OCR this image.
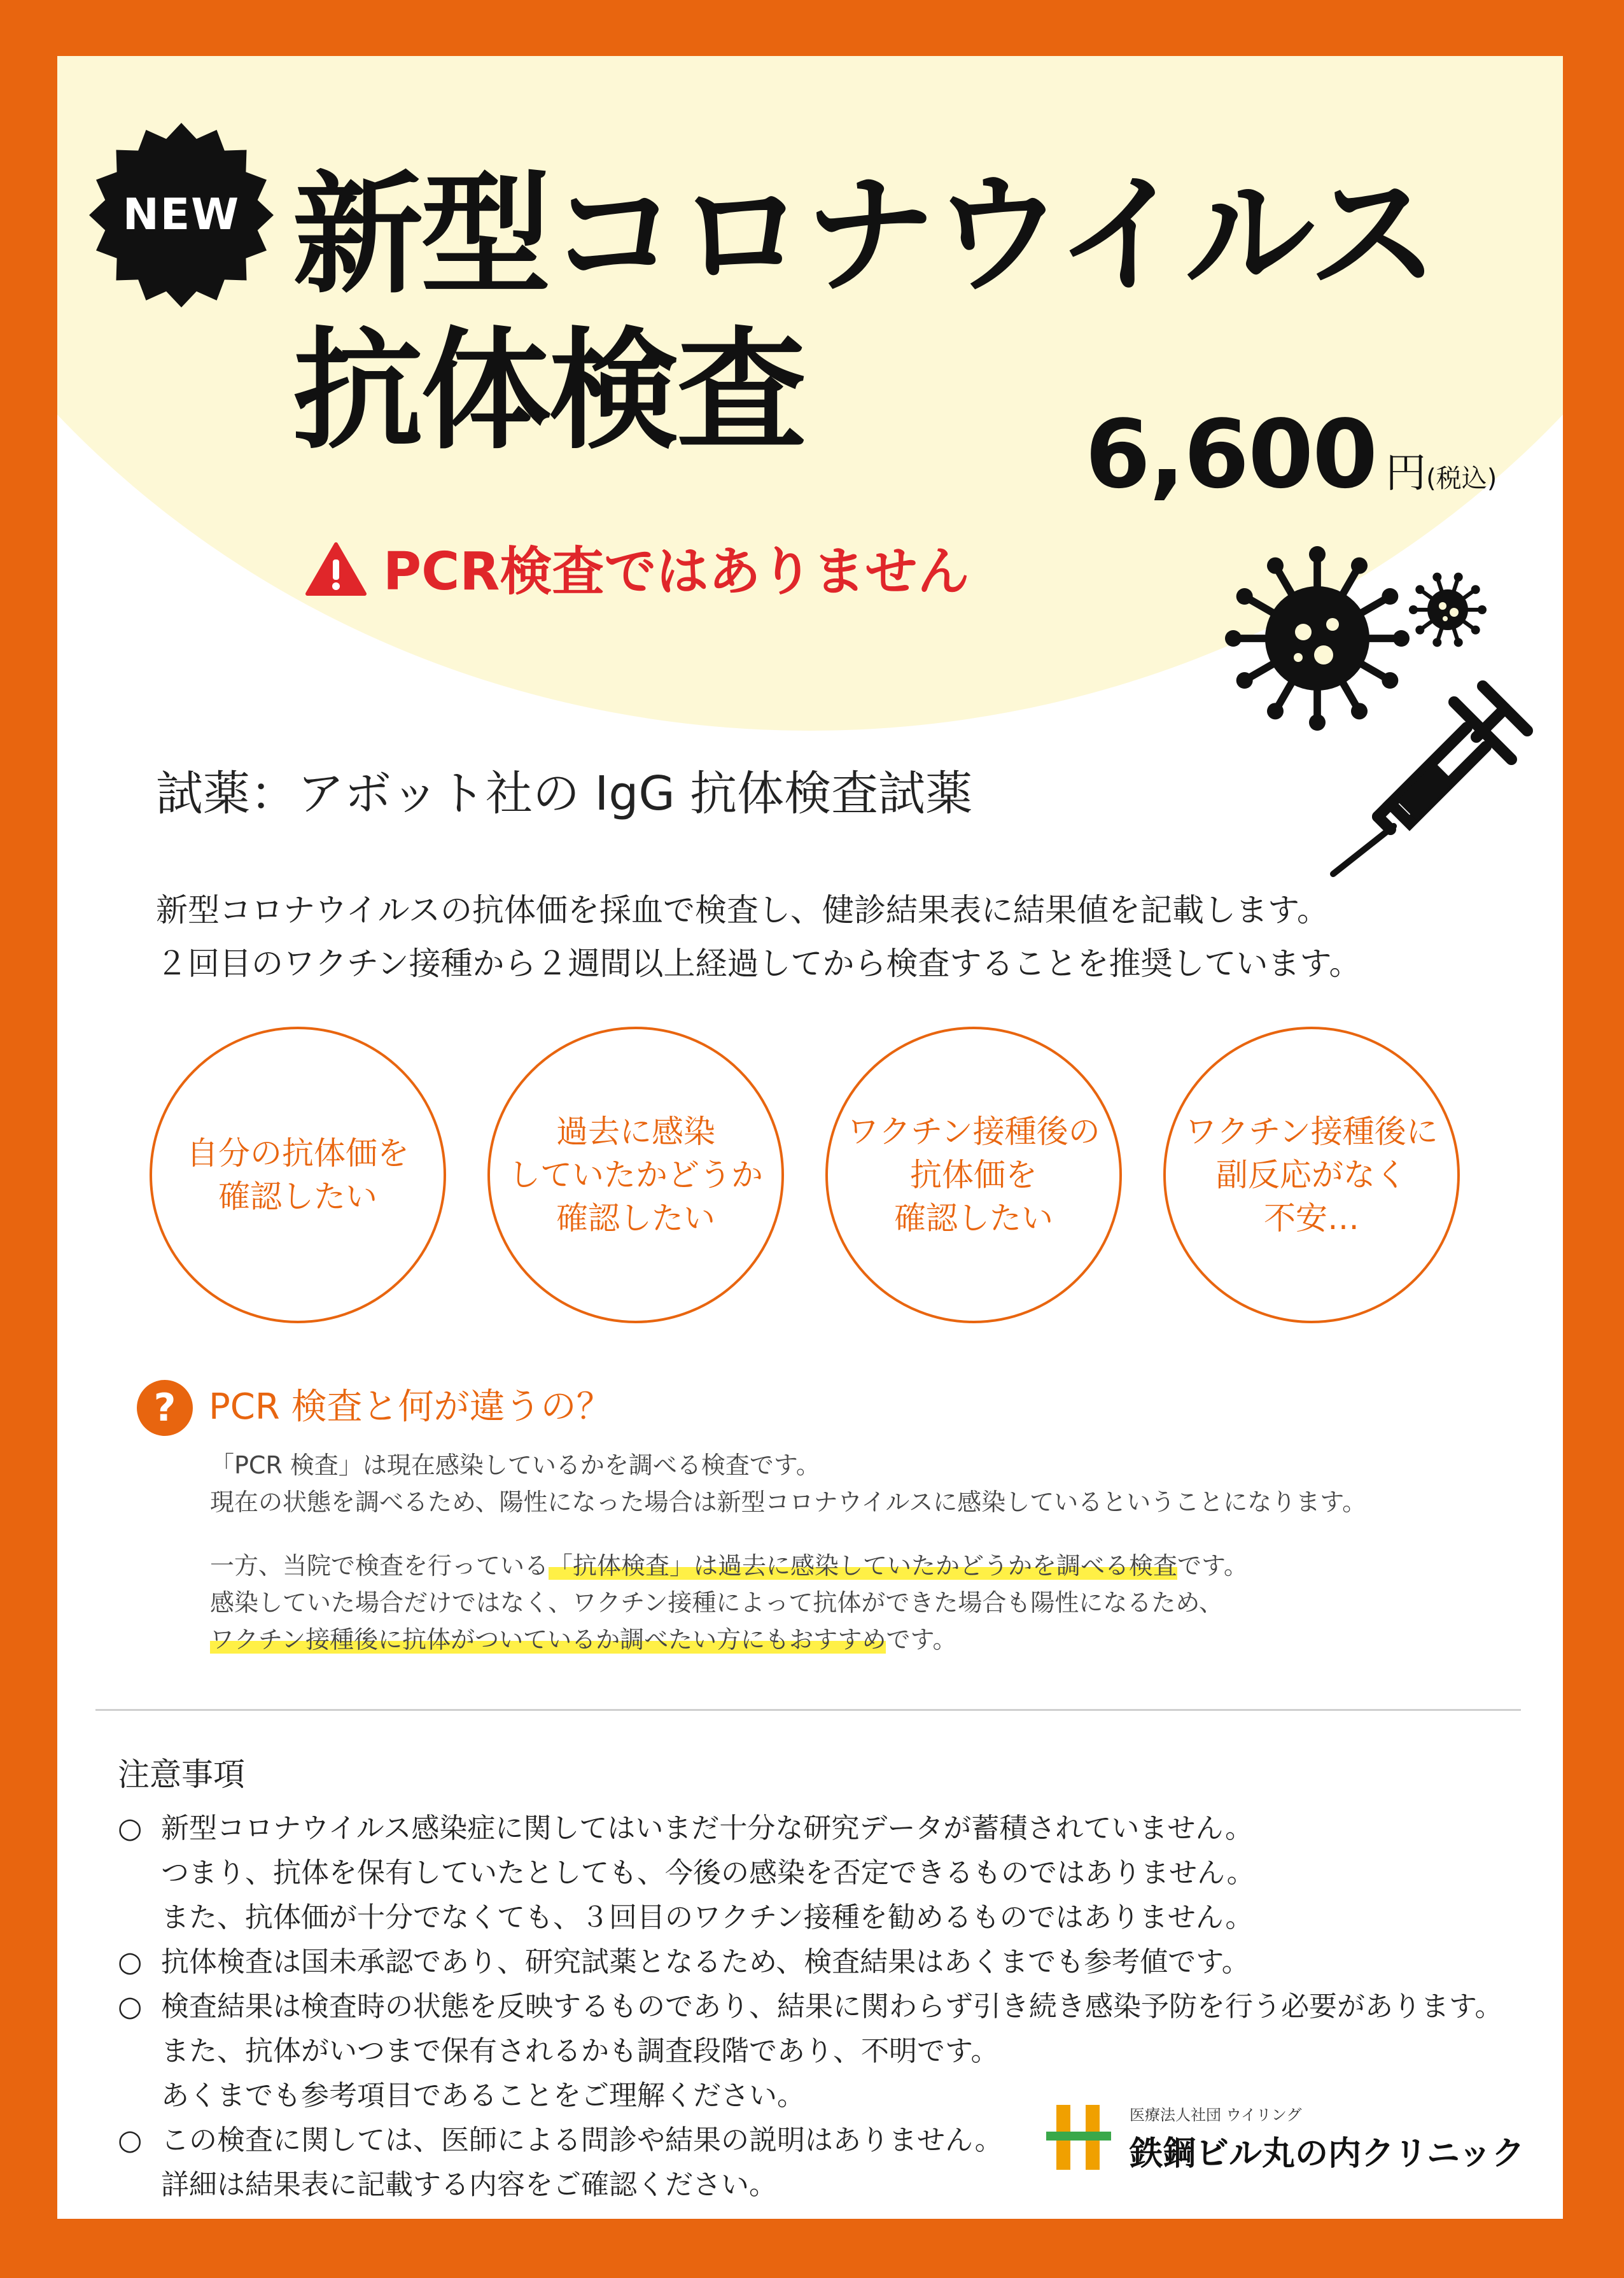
NEW 新型コロナウイルス
抗体検査	6,600 円(税込)
PCR検査ではありません
試薬：アボット社の IgG 抗体検査試薬
新型コロナウイルスの抗体価を採血で検査し、健診結果表に結果値を記載します。
２回目のワクチン接種から２週間以上経過してから検査することを推奨しています。
自分の抗体価を
確認したい
過去に感染
していたかどうか
確認したい
ワクチン接種後の
抗体価を
確認したい
ワクチン接種後に
副反応がなく
不安…
? PCR 検査と何が違うの？
「PCR 検査」は現在感染しているかを調べる検査です。
現在の状態を調べるため、陽性になった場合は新型コロナウイルスに感染しているということになります。
一方、当院で検査を行っている「抗体検査」は過去に感染していたかどうかを調べる検査です。
感染していた場合だけではなく、ワクチン接種によって抗体ができた場合も陽性になるため、
ワクチン接種後に抗体がついているか調べたい方にもおすすめです。
注意事項
○ 新型コロナウイルス感染症に関してはいまだ十分な研究データが蓄積されていません。
つまり、抗体を保有していたとしても、今後の感染を否定できるものではありません。
また、抗体価が十分でなくても、３回目のワクチン接種を勧めるものではありません。
○ 抗体検査は国未承認であり、研究試薬となるため、検査結果はあくまでも参考値です。
○ 検査結果は検査時の状態を反映するものであり、結果に関わらず引き続き感染予防を行う必要があります。
また、抗体がいつまで保有されるかも調査段階であり、不明です。
あくまでも参考項目であることをご理解ください。
○ この検査に関しては、医師による問診や結果の説明はありません。
詳細は結果表に記載する内容をご確認ください。
医療法人社団 ウイリング
鉄鋼ビル丸の内クリニック
